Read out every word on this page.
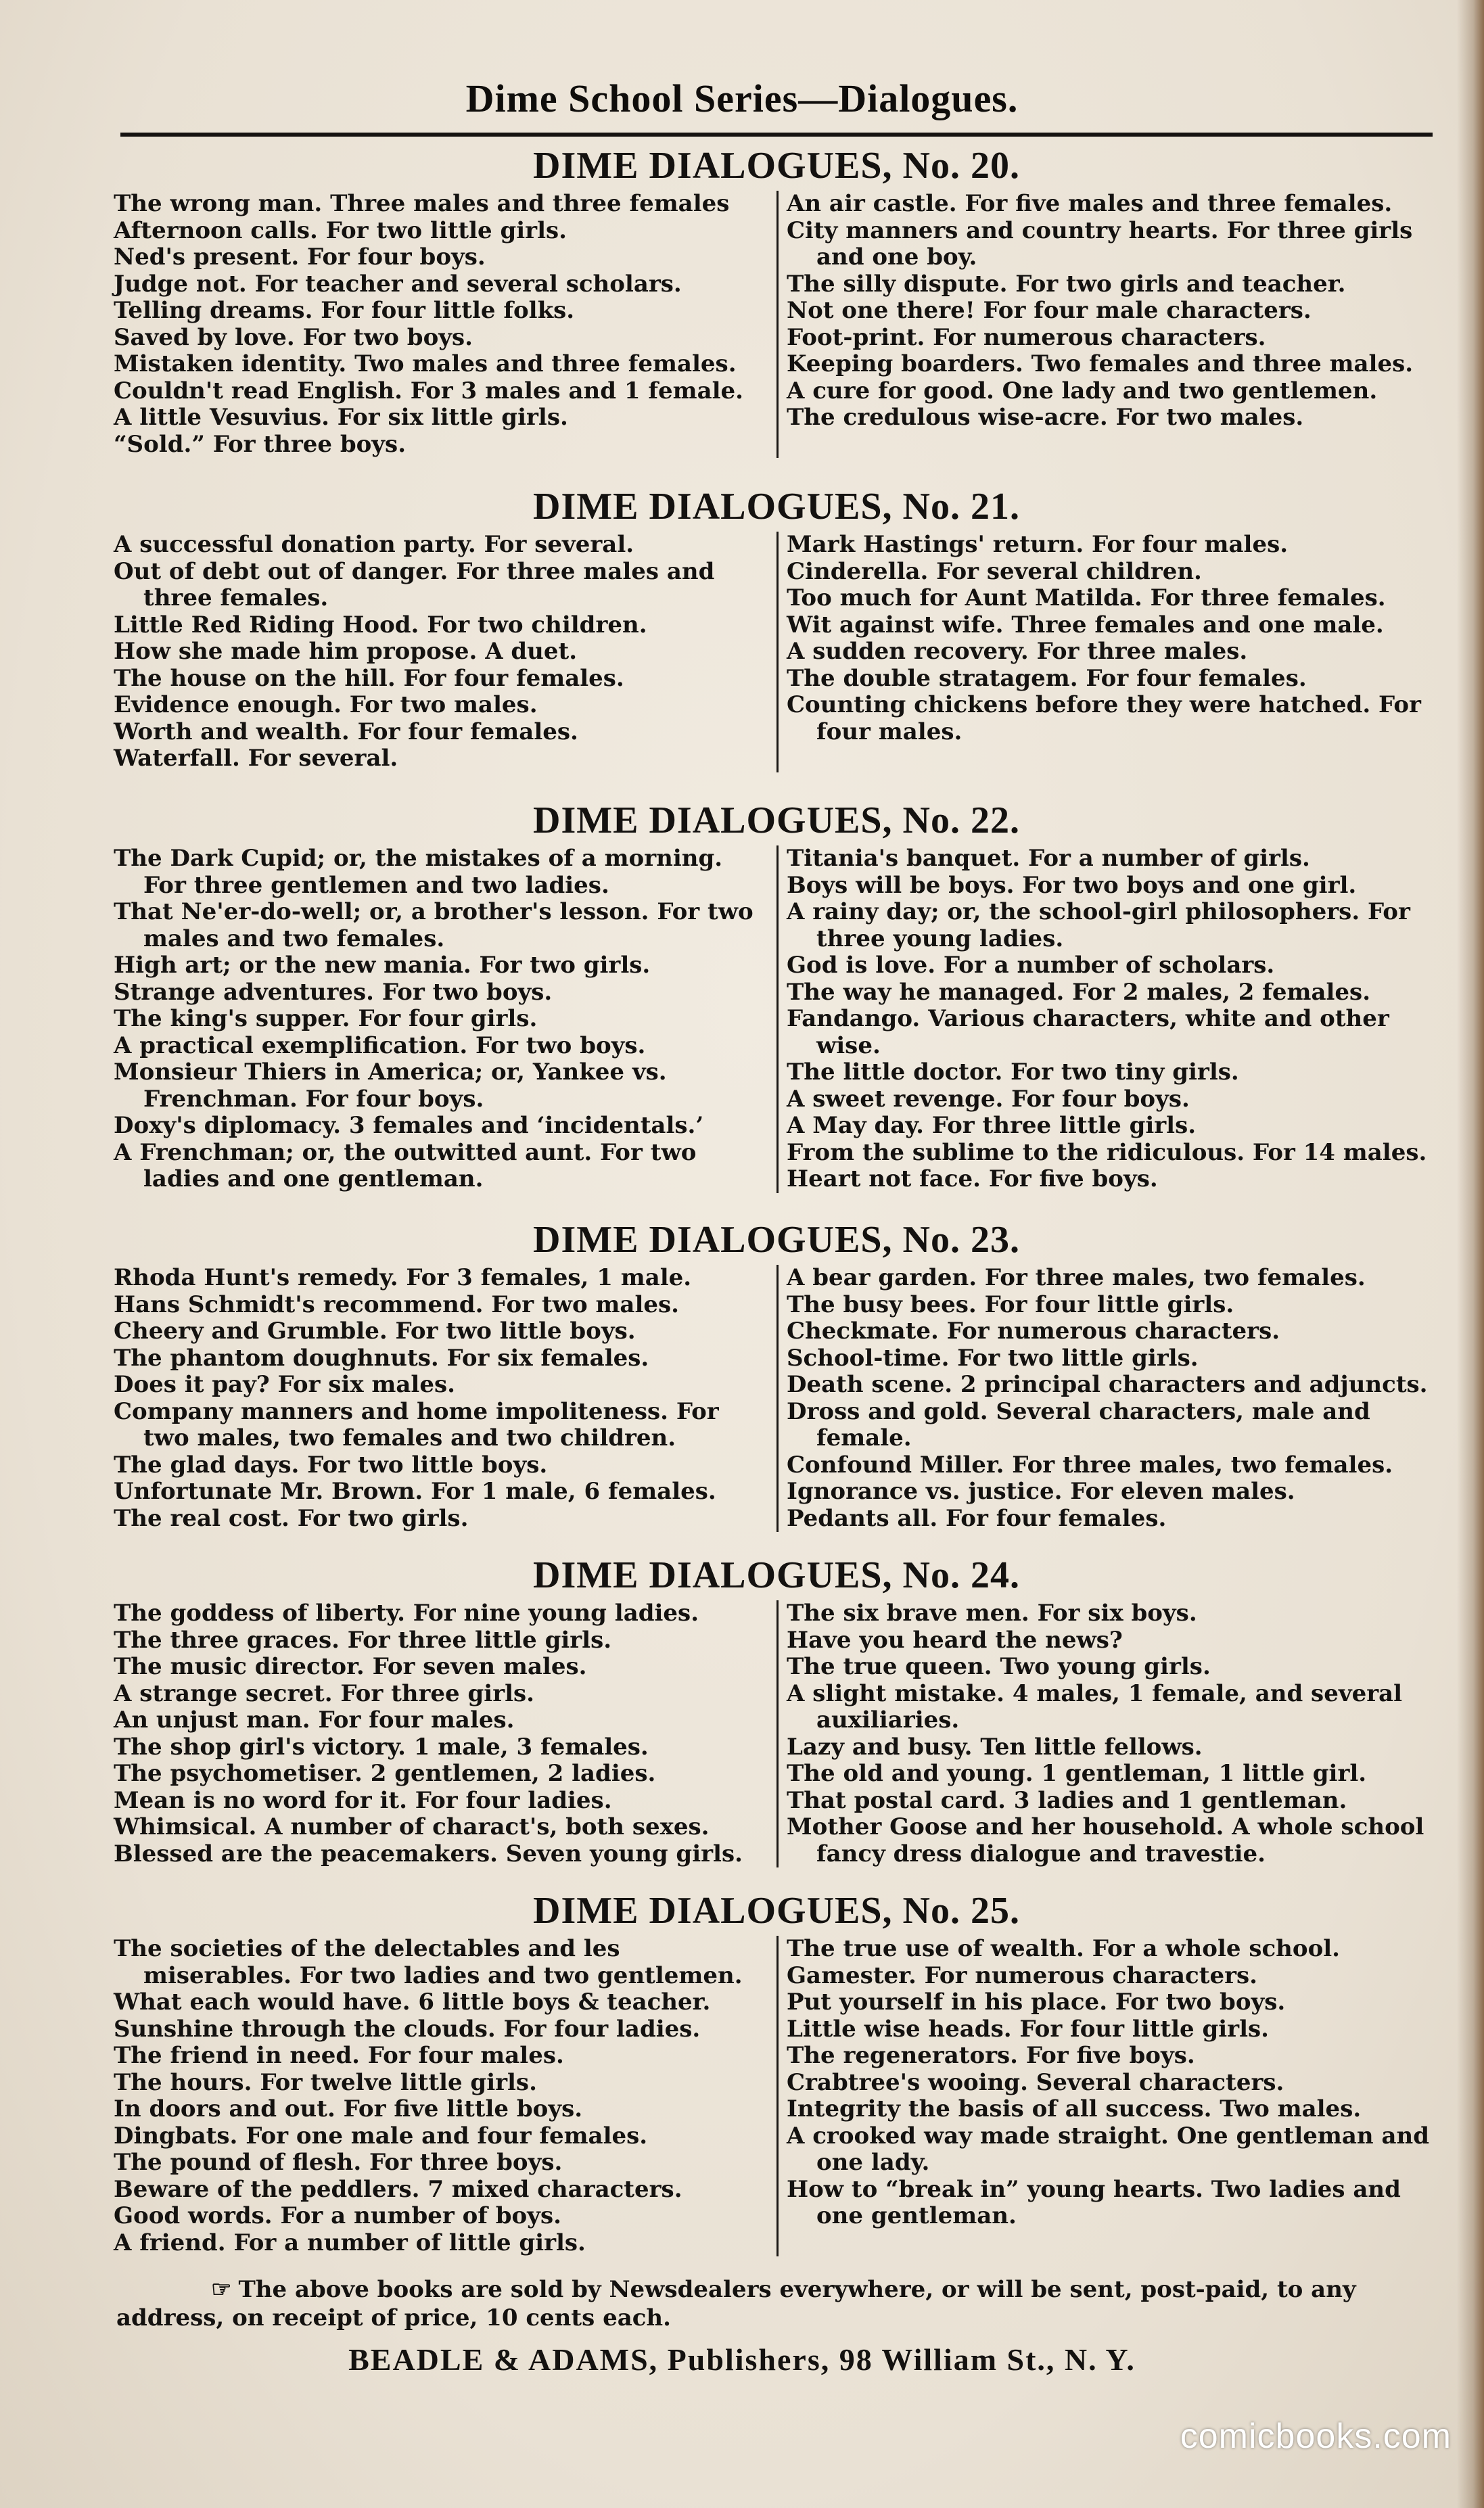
Dime School Series—Dialogues.
DIME DIALOGUES, No. 20.

The wrong man. Three males and three females

Afternoon calls. For two little girls.

Ned's present. For four boys.

Judge not. For teacher and several scholars.

Telling dreams. For four little folks.

Saved by love. For two boys.

Mistaken identity. Two males and three females.

Couldn't read English. For 3 males and 1 female.

A little Vesuvius. For six little girls.

“Sold.” For three boys.

An air castle. For five males and three females.

City manners and country hearts. For three girls and one boy.

The silly dispute. For two girls and teacher.

Not one there! For four male characters.

Foot-print. For numerous characters.

Keeping boarders. Two females and three males.

A cure for good. One lady and two gentlemen.

The credulous wise-acre. For two males.

DIME DIALOGUES, No. 21.

A successful donation party. For several.

Out of debt out of danger. For three males and three females.

Little Red Riding Hood. For two children.

How she made him propose. A duet.

The house on the hill. For four females.

Evidence enough. For two males.

Worth and wealth. For four females.

Waterfall. For several.

Mark Hastings' return. For four males.

Cinderella. For several children.

Too much for Aunt Matilda. For three females.

Wit against wife. Three females and one male.

A sudden recovery. For three males.

The double stratagem. For four females.

Counting chickens before they were hatched. For four males.

DIME DIALOGUES, No. 22.

The Dark Cupid; or, the mistakes of a morning. For three gentlemen and two ladies.

That Ne'er-do-well; or, a brother's lesson. For two males and two females.

High art; or the new mania. For two girls.

Strange adventures. For two boys.

The king's supper. For four girls.

A practical exemplification. For two boys.

Monsieur Thiers in America; or, Yankee vs. Frenchman. For four boys.

Doxy's diplomacy. 3 females and ‘incidentals.’

A Frenchman; or, the outwitted aunt. For two ladies and one gentleman.

Titania's banquet. For a number of girls.

Boys will be boys. For two boys and one girl.

A rainy day; or, the school-girl philosophers. For three young ladies.

God is love. For a number of scholars.

The way he managed. For 2 males, 2 females.

Fandango. Various characters, white and other wise.

The little doctor. For two tiny girls.

A sweet revenge. For four boys.

A May day. For three little girls.

From the sublime to the ridiculous. For 14 males.

Heart not face. For five boys.

DIME DIALOGUES, No. 23.

Rhoda Hunt's remedy. For 3 females, 1 male.

Hans Schmidt's recommend. For two males.

Cheery and Grumble. For two little boys.

The phantom doughnuts. For six females.

Does it pay? For six males.

Company manners and home impoliteness. For two males, two females and two children.

The glad days. For two little boys.

Unfortunate Mr. Brown. For 1 male, 6 females.

The real cost. For two girls.

A bear garden. For three males, two females.

The busy bees. For four little girls.

Checkmate. For numerous characters.

School-time. For two little girls.

Death scene. 2 principal characters and adjuncts.

Dross and gold. Several characters, male and female.

Confound Miller. For three males, two females.

Ignorance vs. justice. For eleven males.

Pedants all. For four females.

DIME DIALOGUES, No. 24.

The goddess of liberty. For nine young ladies.

The three graces. For three little girls.

The music director. For seven males.

A strange secret. For three girls.

An unjust man. For four males.

The shop girl's victory. 1 male, 3 females.

The psychometiser. 2 gentlemen, 2 ladies.

Mean is no word for it. For four ladies.

Whimsical. A number of charact's, both sexes.

Blessed are the peacemakers. Seven young girls.

The six brave men. For six boys.

Have you heard the news?

The true queen. Two young girls.

A slight mistake. 4 males, 1 female, and several auxiliaries.

Lazy and busy. Ten little fellows.

The old and young. 1 gentleman, 1 little girl.

That postal card. 3 ladies and 1 gentleman.

Mother Goose and her household. A whole school fancy dress dialogue and travestie.

DIME DIALOGUES, No. 25.

The societies of the delectables and les miserables. For two ladies and two gentlemen.

What each would have. 6 little boys & teacher.

Sunshine through the clouds. For four ladies.

The friend in need. For four males.

The hours. For twelve little girls.

In doors and out. For five little boys.

Dingbats. For one male and four females.

The pound of flesh. For three boys.

Beware of the peddlers. 7 mixed characters.

Good words. For a number of boys.

A friend. For a number of little girls.

The true use of wealth. For a whole school.

Gamester. For numerous characters.

Put yourself in his place. For two boys.

Little wise heads. For four little girls.

The regenerators. For five boys.

Crabtree's wooing. Several characters.

Integrity the basis of all success. Two males.

A crooked way made straight. One gentleman and one lady.

How to “break in” young hearts. Two ladies and one gentleman.

☞ The above books are sold by Newsdealers everywhere, or will be sent, post-paid, to any address, on receipt of price, 10 cents each.
BEADLE & ADAMS, Publishers, 98 William St., N. Y.
comicbooks.com
